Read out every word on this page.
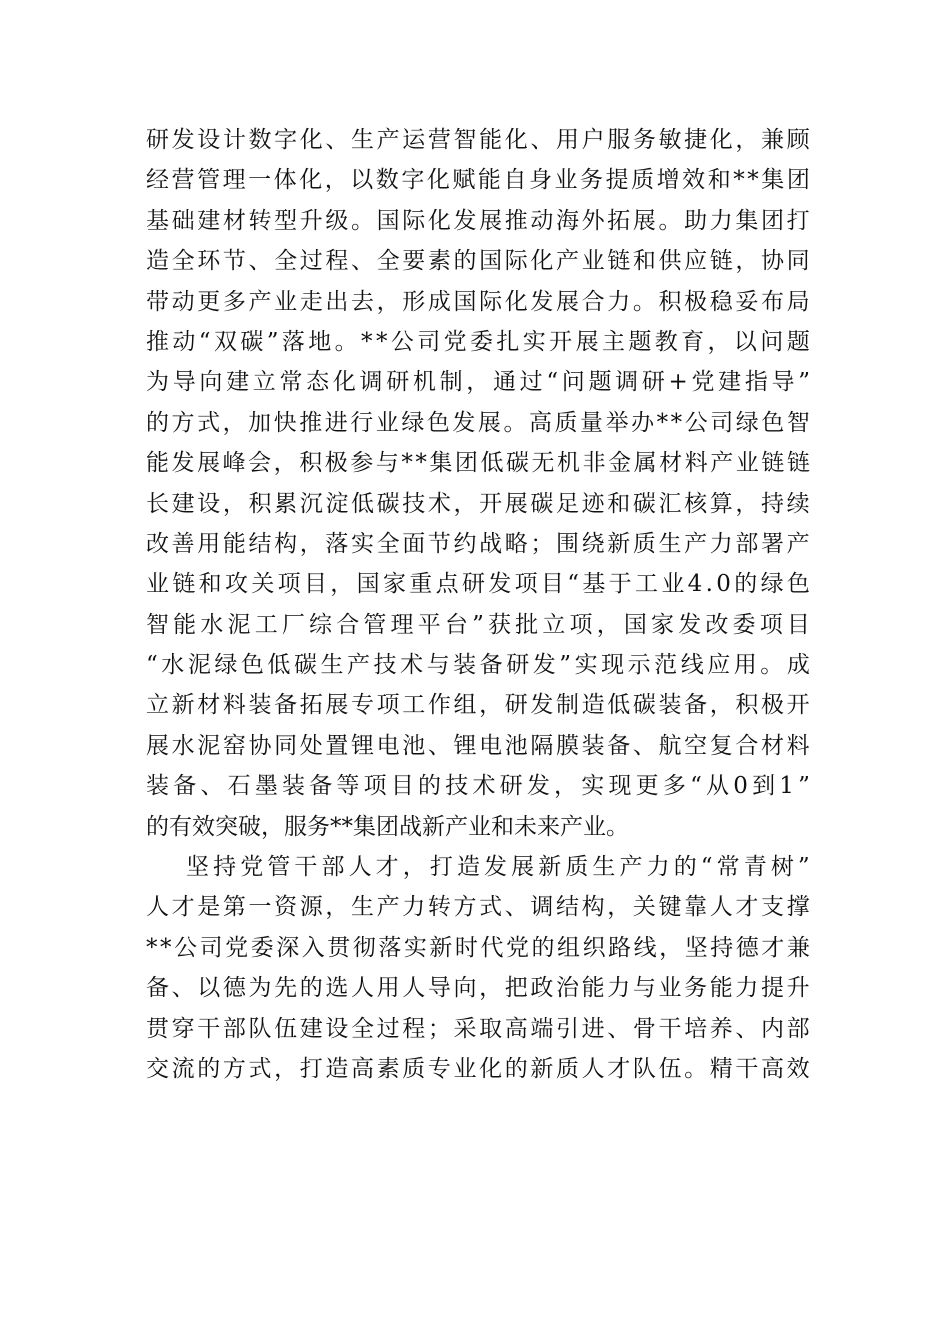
研 发 设 计 数 字 化 、 生 产 运 营 智 能 化 、 用 户 服 务 敏 捷 化 ， 兼 顾
经 营 管 理 一 体 化 ， 以 数 字 化 赋 能 自 身 业 务 提 质 增 效 和 * * 集 团
基 础 建 材 转 型 升 级 。 国 际 化 发 展 推 动 海 外 拓 展 。 助 力 集 团 打
造 全 环 节 、 全 过 程 、 全 要 素 的 国 际 化 产 业 链 和 供 应 链 ， 协 同
带 动 更 多 产 业 走 出 去 ， 形 成 国 际 化 发 展 合 力 。 积 极 稳 妥 布 局
推 动 “ 双 碳 ” 落 地 。 * * 公 司 党 委 扎 实 开 展 主 题 教 育 ， 以 问 题
为 导 向 建 立 常 态 化 调 研 机 制 ， 通 过 “ 问 题 调 研 + 党 建 指 导 ”
的 方 式 ， 加 快 推 进 行 业 绿 色 发 展 。 高 质 量 举 办 * * 公 司 绿 色 智
能 发 展 峰 会 ， 积 极 参 与 * * 集 团 低 碳 无 机 非 金 属 材 料 产 业 链 链
长 建 设 ， 积 累 沉 淀 低 碳 技 术 ， 开 展 碳 足 迹 和 碳 汇 核 算 ， 持 续
改 善 用 能 结 构 ， 落 实 全 面 节 约 战 略 ； 围 绕 新 质 生 产 力 部 署 产
业 链 和 攻 关 项 目 ， 国 家 重 点 研 发 项 目 “ 基 于 工 业 4 . 0 的 绿 色
智 能 水 泥 工 厂 综 合 管 理 平 台 ” 获 批 立 项 ， 国 家 发 改 委 项 目
“ 水 泥 绿 色 低 碳 生 产 技 术 与 装 备 研 发 ” 实 现 示 范 线 应 用 。 成
立 新 材 料 装 备 拓 展 专 项 工 作 组 ， 研 发 制 造 低 碳 装 备 ， 积 极 开
展 水 泥 窑 协 同 处 置 锂 电 池 、 锂 电 池 隔 膜 装 备 、 航 空 复 合 材 料
装 备 、 石 墨 装 备 等 项 目 的 技 术 研 发 ， 实 现 更 多 “ 从 0 到 1 ”
的有效突破，服务**集团战新产业和未来产业。
坚 持 党 管 干 部 人 才 ， 打 造 发 展 新 质 生 产 力 的 “ 常 青 树 ”
人 才 是 第 一 资 源 ， 生 产 力 转 方 式 、 调 结 构 ， 关 键 靠 人 才 支 撑
* * 公 司 党 委 深 入 贯 彻 落 实 新 时 代 党 的 组 织 路 线 ， 坚 持 德 才 兼
备 、 以 德 为 先 的 选 人 用 人 导 向 ， 把 政 治 能 力 与 业 务 能 力 提 升
贯 穿 干 部 队 伍 建 设 全 过 程 ； 采 取 高 端 引 进 、 骨 干 培 养 、 内 部
交 流 的 方 式 ， 打 造 高 素 质 专 业 化 的 新 质 人 才 队 伍 。 精 干 高 效
